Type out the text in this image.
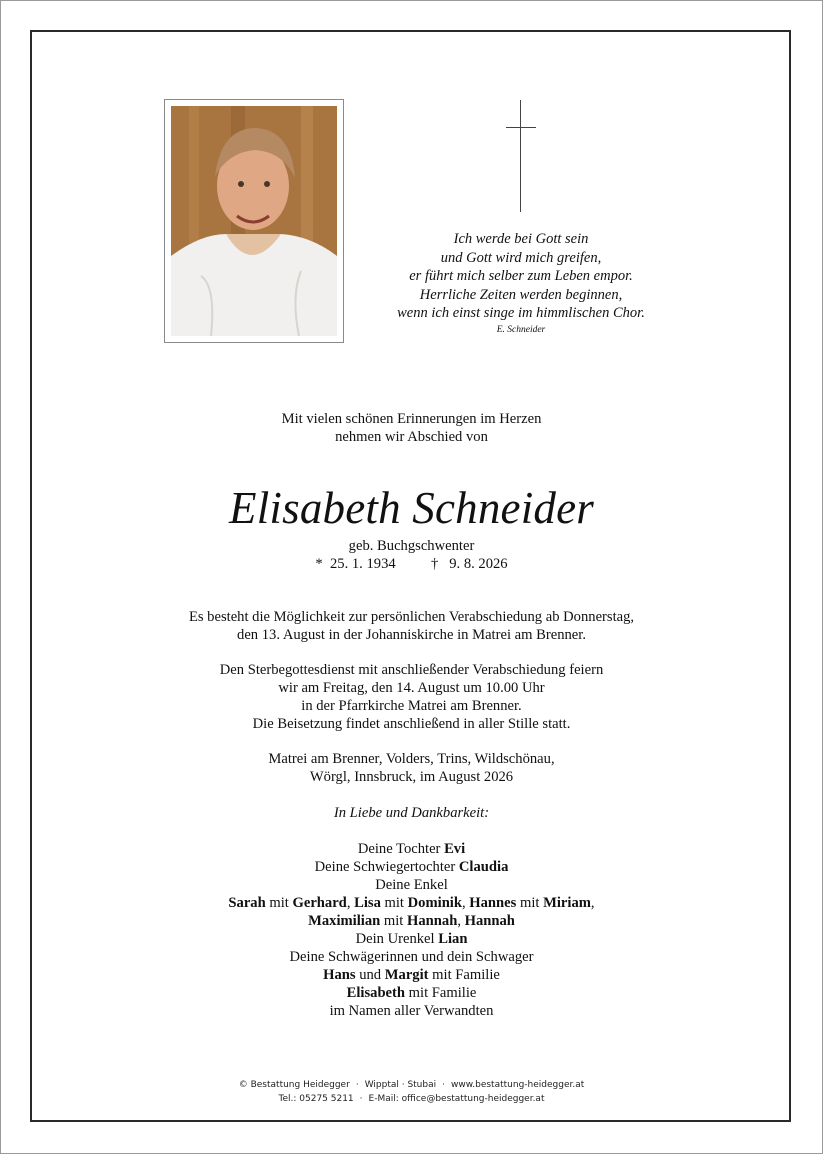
Ich werde bei Gott sein
und Gott wird mich greifen,
er führt mich selber zum Leben empor.
Herrliche Zeiten werden beginnen,
wenn ich einst singe im himmlischen Chor.
E. Schneider
Mit vielen schönen Erinnerungen im Herzen
nehmen wir Abschied von
Elisabeth Schneider
geb. Buchgschwenter
* 25. 1. 1934 † 9. 8. 2026
Es besteht die Möglichkeit zur persönlichen Verabschiedung ab Donnerstag,
den 13. August in der Johanniskirche in Matrei am Brenner.
Den Sterbegottesdienst mit anschließender Verabschiedung feiern
wir am Freitag, den 14. August um 10.00 Uhr
in der Pfarrkirche Matrei am Brenner.
Die Beisetzung findet anschließend in aller Stille statt.
Matrei am Brenner, Volders, Trins, Wildschönau,
Wörgl, Innsbruck, im August 2026
In Liebe und Dankbarkeit:
Deine Tochter Evi
Deine Schwiegertochter Claudia
Deine Enkel
Sarah mit Gerhard, Lisa mit Dominik, Hannes mit Miriam,
Maximilian mit Hannah, Hannah
Dein Urenkel Lian
Deine Schwägerinnen und dein Schwager
Hans und Margit mit Familie
Elisabeth mit Familie
im Namen aller Verwandten
© Bestattung Heidegger · Wipptal · Stubai · www.bestattung-heidegger.at
Tel.: 05275 5211 · E-Mail: office@bestattung-heidegger.at
